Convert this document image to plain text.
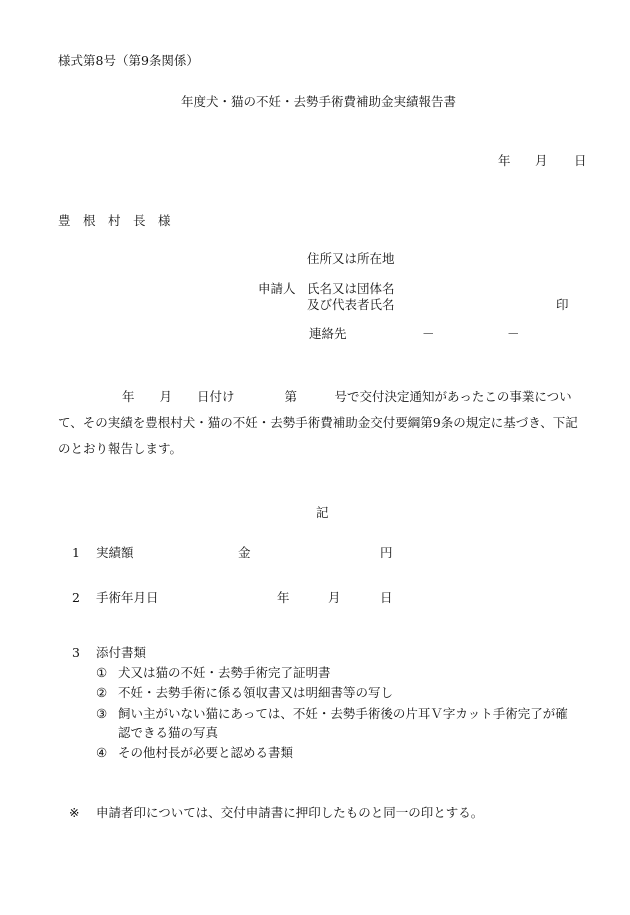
様式第8号（第9条関係）
年度犬・猫の不妊・去勢手術費補助金実績報告書
年 月 日
豊　根　村　長　様
住所又は所在地
申請人 氏名又は団体名
及び代表者氏名	印
連絡先	－	－
年　　月　　日付け　　　　第　　　号で交付決定通知があったこの事業につい
て、その実績を豊根村犬・猫の不妊・去勢手術費補助金交付要綱第9条の規定に基づき、下記
のとおり報告します。
記
1 実績額	金	円
2 手術年月日	年	月	日
3 添付書類
① 犬又は猫の不妊・去勢手術完了証明書
② 不妊・去勢手術に係る領収書又は明細書等の写し
③ 飼い主がいない猫にあっては、不妊・去勢手術後の片耳Ｖ字カット手術完了が確
認できる猫の写真
④ その他村長が必要と認める書類
※ 申請者印については、交付申請書に押印したものと同一の印とする。
